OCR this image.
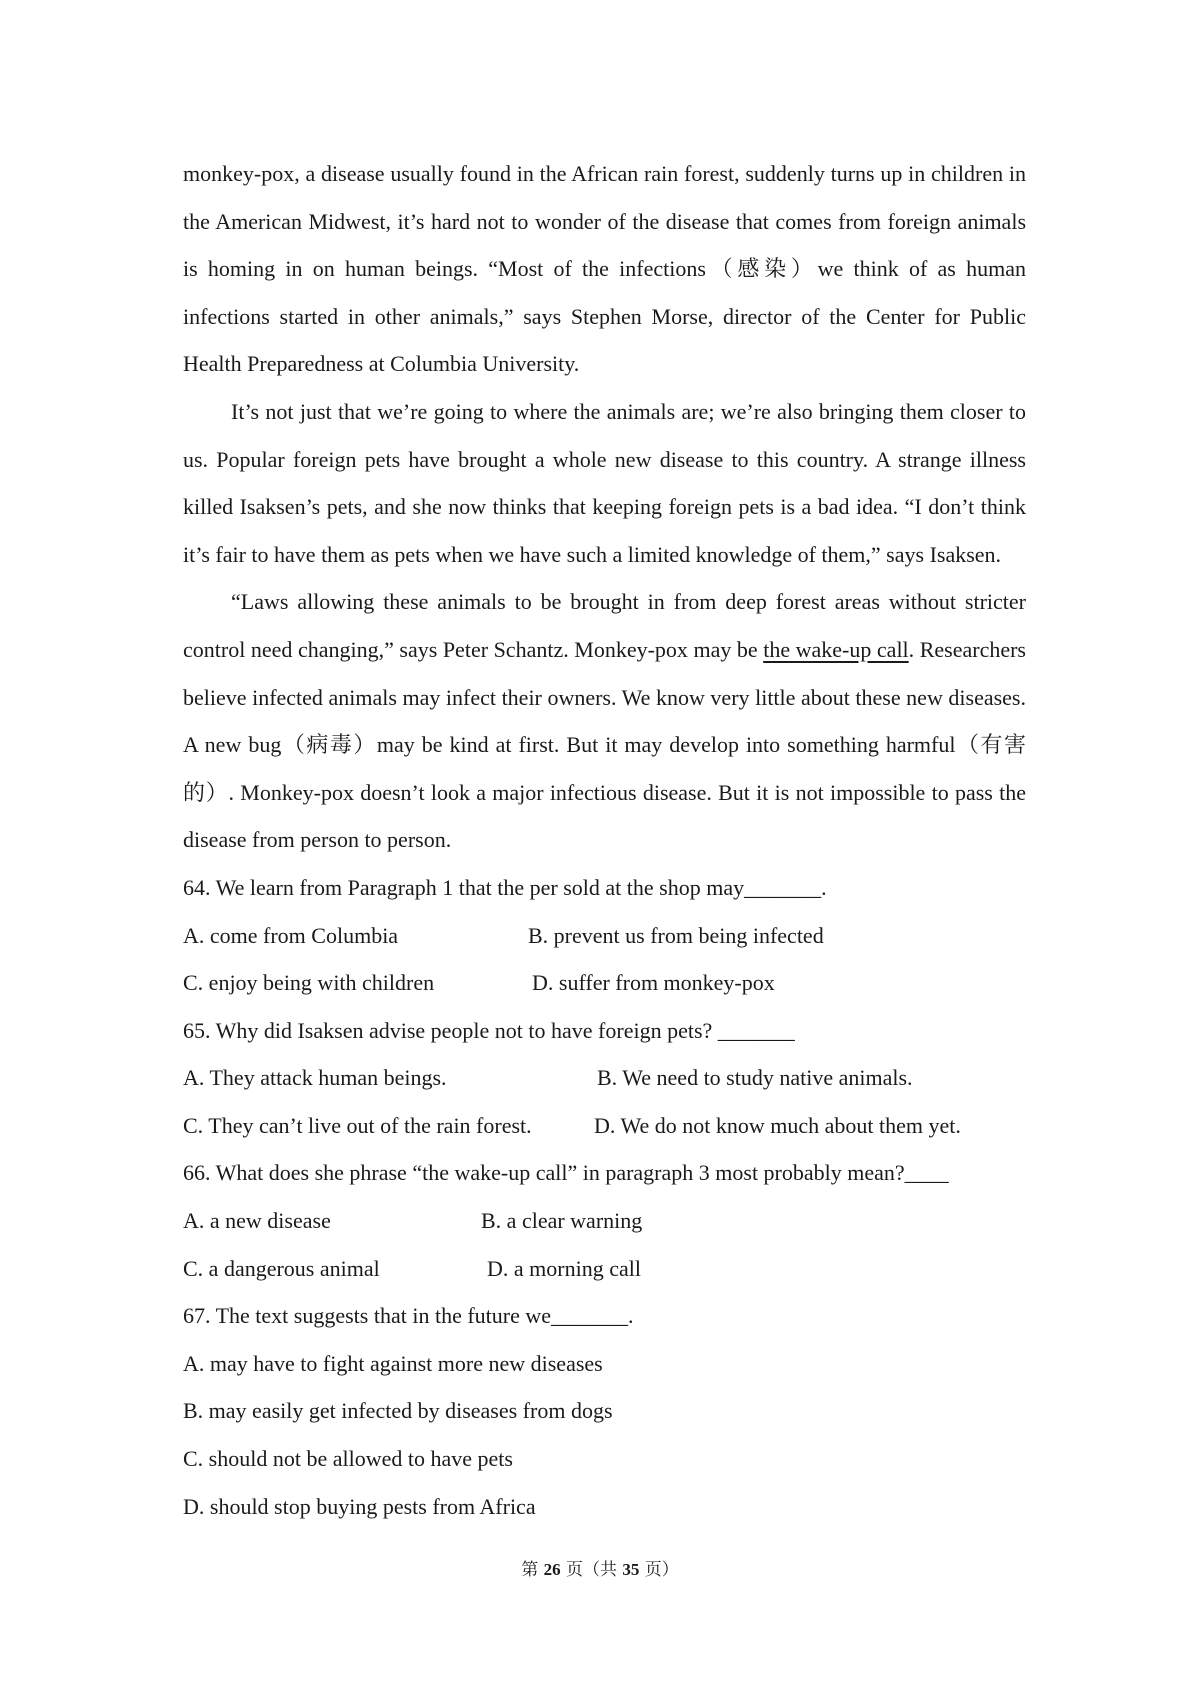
monkey-pox, a disease usually found in the African rain forest, suddenly turns up in children in the American Midwest, it’s hard not to wonder of the disease that comes from foreign animals is homing in on human beings. “Most of the infections（感染）we think of as human infections started in other animals,” says Stephen Morse, director of the Center for Public Health Preparedness at Columbia University.

It’s not just that we’re going to where the animals are; we’re also bringing them closer to us. Popular foreign pets have brought a whole new disease to this country. A strange illness killed Isaksen’s pets, and she now thinks that keeping foreign pets is a bad idea. “I don’t think it’s fair to have them as pets when we have such a limited knowledge of them,” says Isaksen.

“Laws allowing these animals to be brought in from deep forest areas without stricter control need changing,” says Peter Schantz. Monkey-pox may be the wake-up call. Researchers believe infected animals may infect their owners. We know very little about these new diseases. A new bug（病毒）may be kind at first. But it may develop into something harmful（有害的）. Monkey-pox doesn’t look a major infectious disease. But it is not impossible to pass the disease from person to person.

64. We learn from Paragraph 1 that the per sold at the shop may_______.

A. come from Columbia	B. prevent us from being infected
C. enjoy being with children	D. suffer from monkey-pox

65. Why did Isaksen advise people not to have foreign pets? _______

A. They attack human beings.	B. We need to study native animals.
C. They can’t live out of the rain forest.	D. We do not know much about them yet.

66. What does she phrase “the wake-up call” in paragraph 3 most probably mean?____

A. a new disease	B. a clear warning
C. a dangerous animal	D. a morning call

67. The text suggests that in the future we_______.

A. may have to fight against more new diseases

B. may easily get infected by diseases from dogs

C. should not be allowed to have pets

D. should stop buying pests from Africa

第 26 页（共 35 页）
